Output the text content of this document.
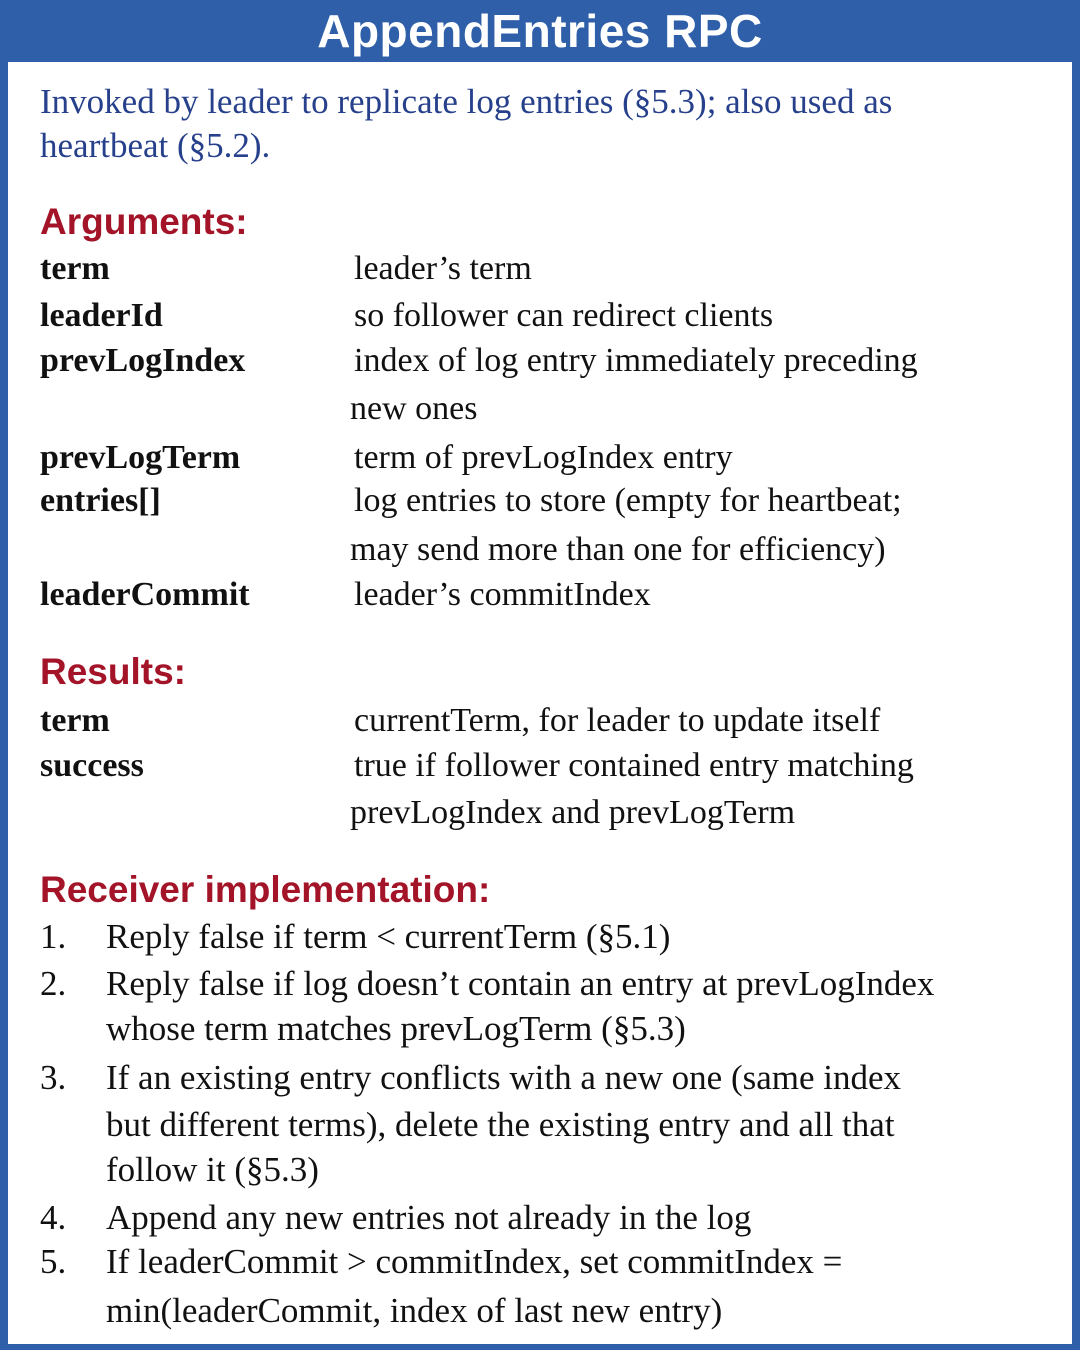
AppendEntries RPC
Invoked by leader to replicate log entries (§5.3); also used as
heartbeat (§5.2).
Arguments:
term	leader’s term
leaderId	so follower can redirect clients
prevLogIndex	index of log entry immediately preceding
new ones
prevLogTerm	term of prevLogIndex entry
entries[]	log entries to store (empty for heartbeat;
may send more than one for efficiency)
leaderCommit	leader’s commitIndex
Results:
term	currentTerm, for leader to update itself
success	true if follower contained entry matching
prevLogIndex and prevLogTerm
Receiver implementation:
1. Reply false if term < currentTerm (§5.1)
2. Reply false if log doesn’t contain an entry at prevLogIndex
whose term matches prevLogTerm (§5.3)
3. If an existing entry conflicts with a new one (same index
but different terms), delete the existing entry and all that
follow it (§5.3)
4. Append any new entries not already in the log
5. If leaderCommit > commitIndex, set commitIndex =
min(leaderCommit, index of last new entry)
